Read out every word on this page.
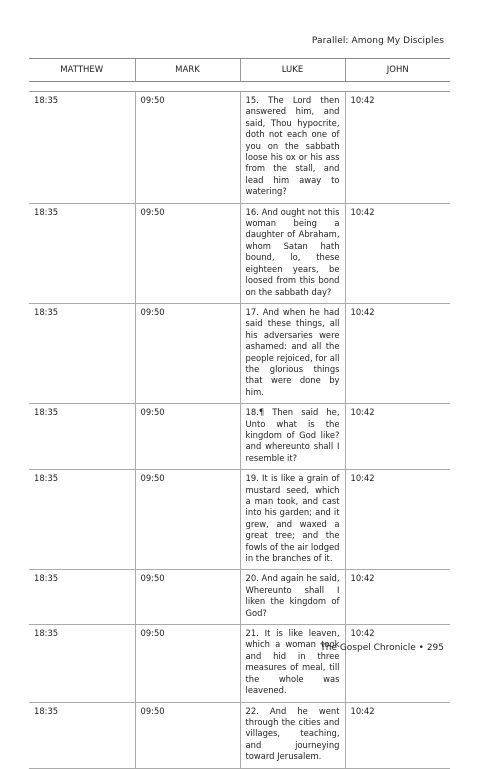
Parallel: Among My Disciples
MATTHEW	MARK	LUKE	JOHN

18:35	09:50	15. The Lord then answered him, and said, Thou hypocrite, doth not each one of you on the sabbath loose his ox or his ass from the stall, and lead him away to watering?	10:42
18:35	09:50	16. And ought not this woman being a daughter of Abraham, whom Satan hath bound, lo, these eighteen years, be loosed from this bond on the sabbath day?	10:42
18:35	09:50	17. And when he had said these things, all his adversaries were ashamed: and all the people rejoiced, for all the glorious things that were done by him.	10:42
18:35	09:50	18.¶ Then said he, Unto what is the kingdom of God like? and whereunto shall I resemble it?	10:42
18:35	09:50	19. It is like a grain of mustard seed, which a man took, and cast into his garden; and it grew, and waxed a great tree; and the fowls of the air lodged in the branches of it.	10:42
18:35	09:50	20. And again he said, Whereunto shall I liken the kingdom of God?	10:42
18:35	09:50	21. It is like leaven, which a woman took and hid in three measures of meal, till the whole was leavened.	10:42
18:35	09:50	22. And he went through the cities and villages, teaching, and journeying toward Jerusalem.	10:42
The Gospel Chronicle • 295
